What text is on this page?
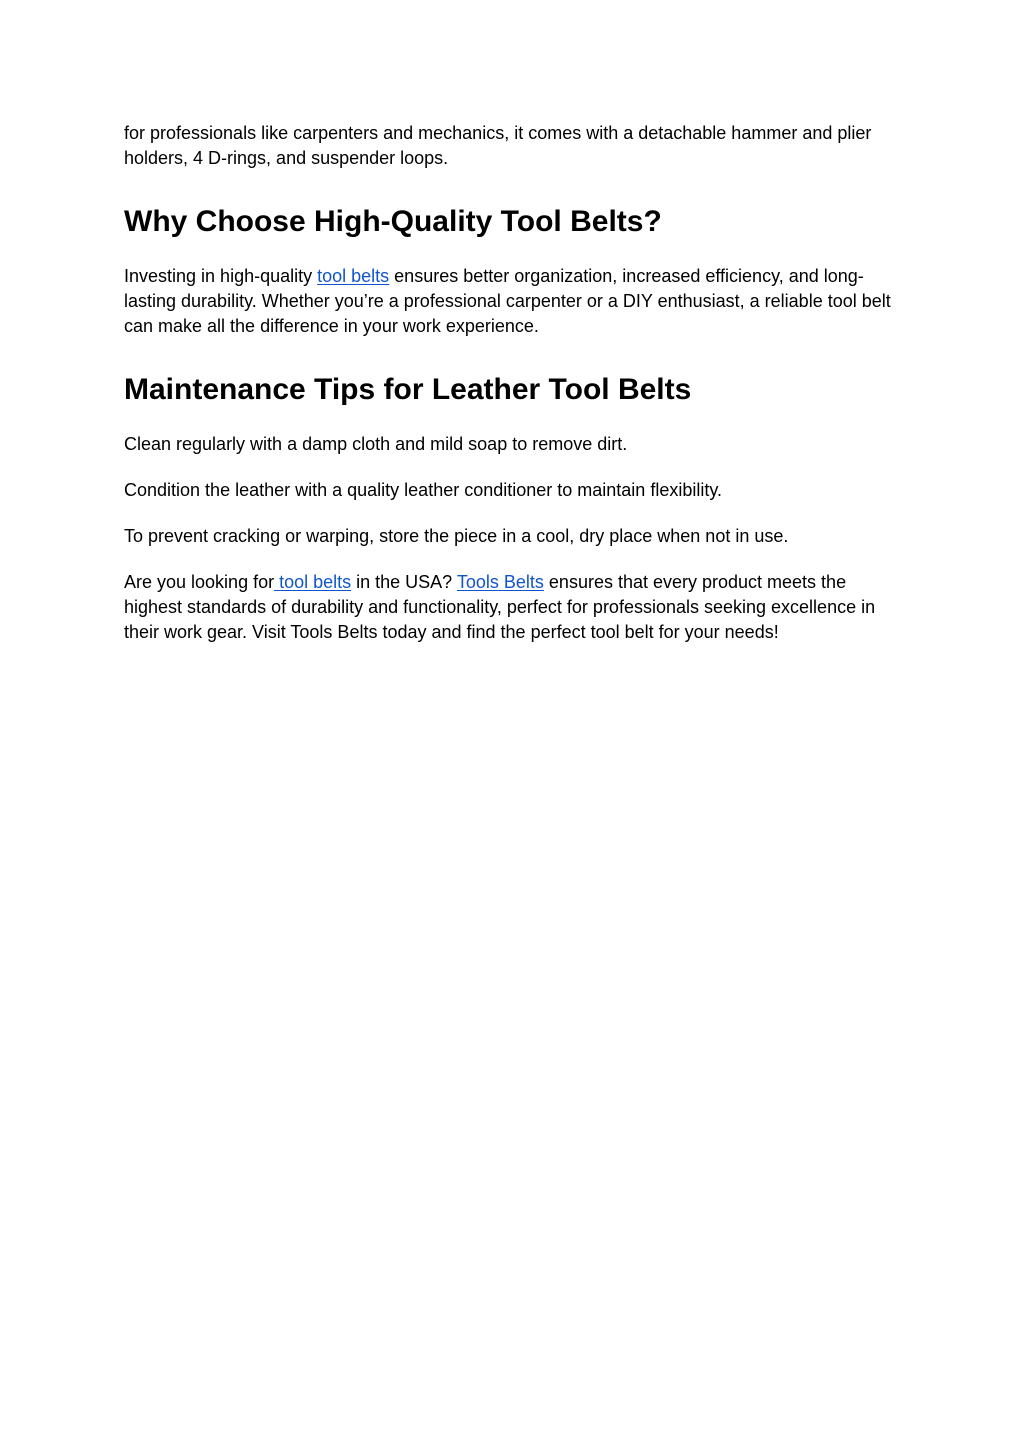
for professionals like carpenters and mechanics, it comes with a detachable hammer and plier holders, 4 D-rings, and suspender loops.

Why Choose High-Quality Tool Belts?

Investing in high-quality tool belts ensures better organization, increased efficiency, and long-lasting durability. Whether you’re a professional carpenter or a DIY enthusiast, a reliable tool belt can make all the difference in your work experience.

Maintenance Tips for Leather Tool Belts

Clean regularly with a damp cloth and mild soap to remove dirt.

Condition the leather with a quality leather conditioner to maintain flexibility.

To prevent cracking or warping, store the piece in a cool, dry place when not in use.

Are you looking for tool belts in the USA? Tools Belts ensures that every product meets the highest standards of durability and functionality, perfect for professionals seeking excellence in their work gear. Visit Tools Belts today and find the perfect tool belt for your needs!
